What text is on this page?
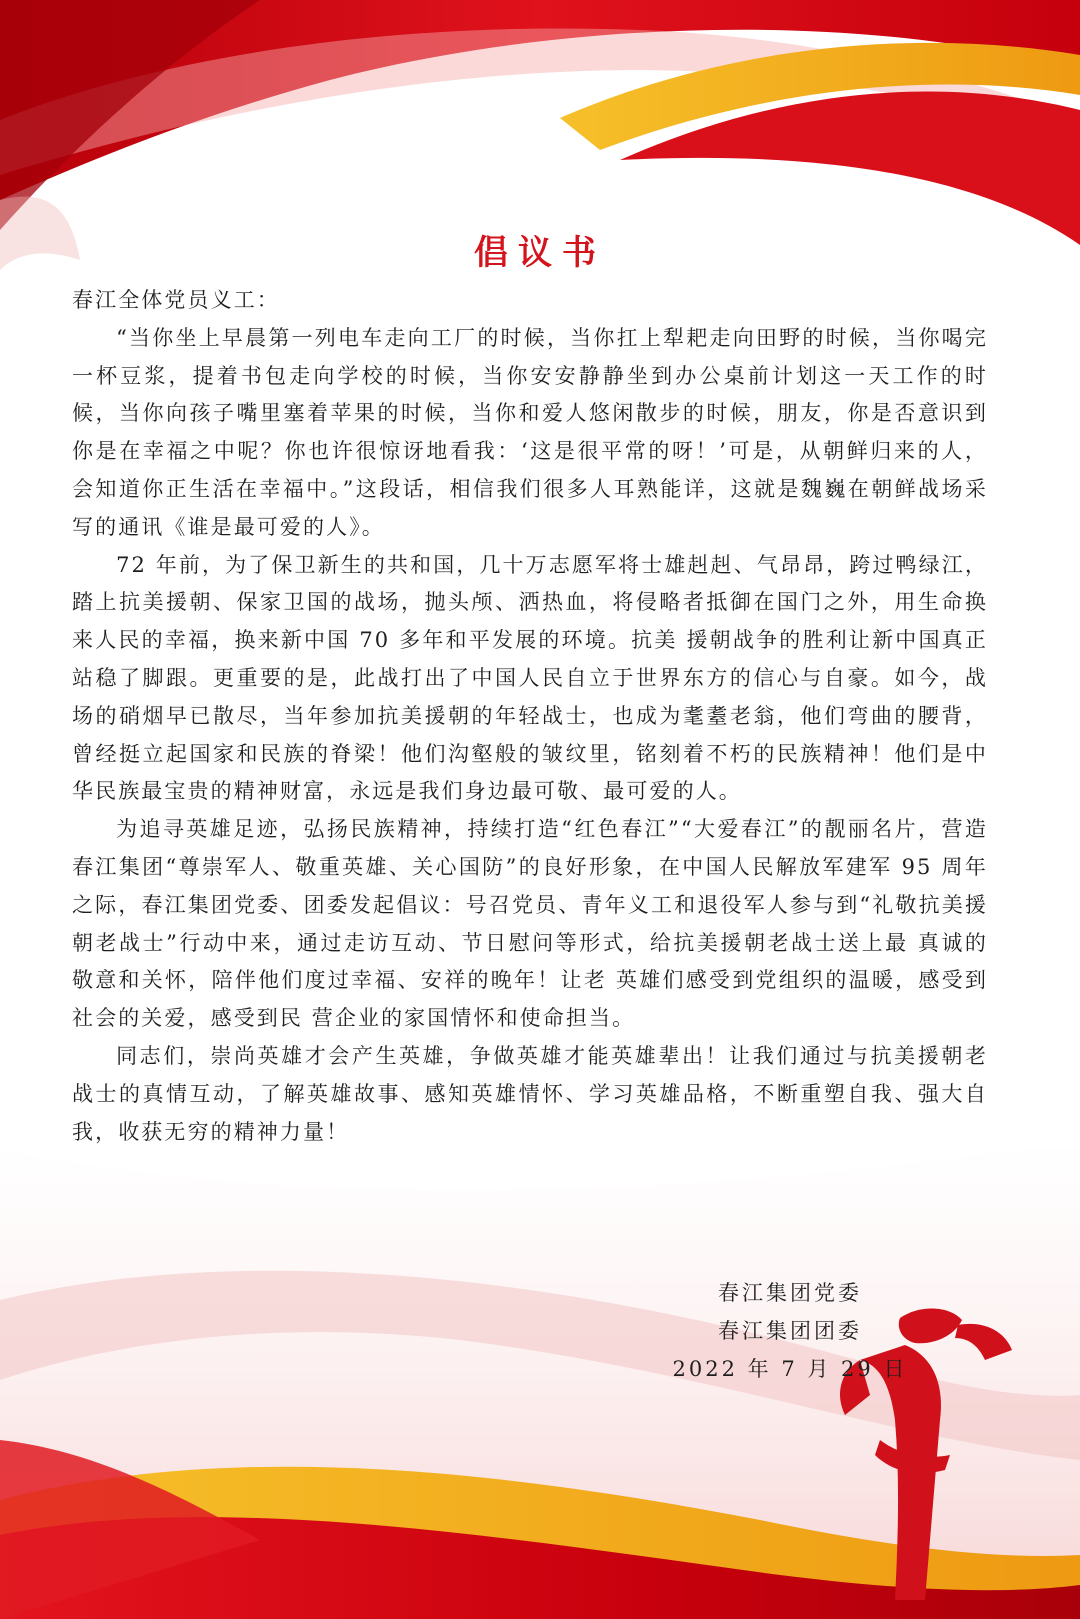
倡议书

春江全体党员义工：

“当你坐上早晨第一列电车走向工厂的时候，当你扛上犁耙走向田野的时候，当你喝完一杯豆浆，提着书包走向学校的时候，当你安安静静坐到办公桌前计划这一天工作的时候，当你向孩子嘴里塞着苹果的时候，当你和爱人悠闲散步的时候，朋友，你是否意识到你是在幸福之中呢？你也许很惊讶地看我：‘这是很平常的呀！’可是，从朝鲜归来的人，会知道你正生活在幸福中。”这段话，相信我们很多人耳熟能详，这就是魏巍在朝鲜战场采写的通讯《谁是最可爱的人》。

72 年前，为了保卫新生的共和国，几十万志愿军将士雄赳赳、气昂昂，跨过鸭绿江，踏上抗美援朝、保家卫国的战场，抛头颅、洒热血，将侵略者抵御在国门之外，用生命换来人民的幸福，换来新中国 70 多年和平发展的环境。抗美 援朝战争的胜利让新中国真正站稳了脚跟。更重要的是，此战打出了中国人民自立于世界东方的信心与自豪。如今，战场的硝烟早已散尽，当年参加抗美援朝的年轻战士，也成为耄耋老翁，他们弯曲的腰背，曾经挺立起国家和民族的脊梁！他们沟壑般的皱纹里，铭刻着不朽的民族精神！他们是中华民族最宝贵的精神财富，永远是我们身边最可敬、最可爱的人。

为追寻英雄足迹，弘扬民族精神，持续打造“红色春江”“大爱春江”的靓丽名片，营造春江集团“尊崇军人、敬重英雄、关心国防”的良好形象，在中国人民解放军建军 95 周年之际，春江集团党委、团委发起倡议：号召党员、青年义工和退役军人参与到“礼敬抗美援朝老战士”行动中来，通过走访互动、节日慰问等形式，给抗美援朝老战士送上最 真诚的敬意和关怀，陪伴他们度过幸福、安祥的晚年！让老 英雄们感受到党组织的温暖，感受到社会的关爱，感受到民 营企业的家国情怀和使命担当。

同志们，崇尚英雄才会产生英雄，争做英雄才能英雄辈出！让我们通过与抗美援朝老战士的真情互动，了解英雄故事、感知英雄情怀、学习英雄品格，不断重塑自我、强大自我，收获无穷的精神力量！

春江集团党委
春江集团团委
2022 年 7 月 29 日
